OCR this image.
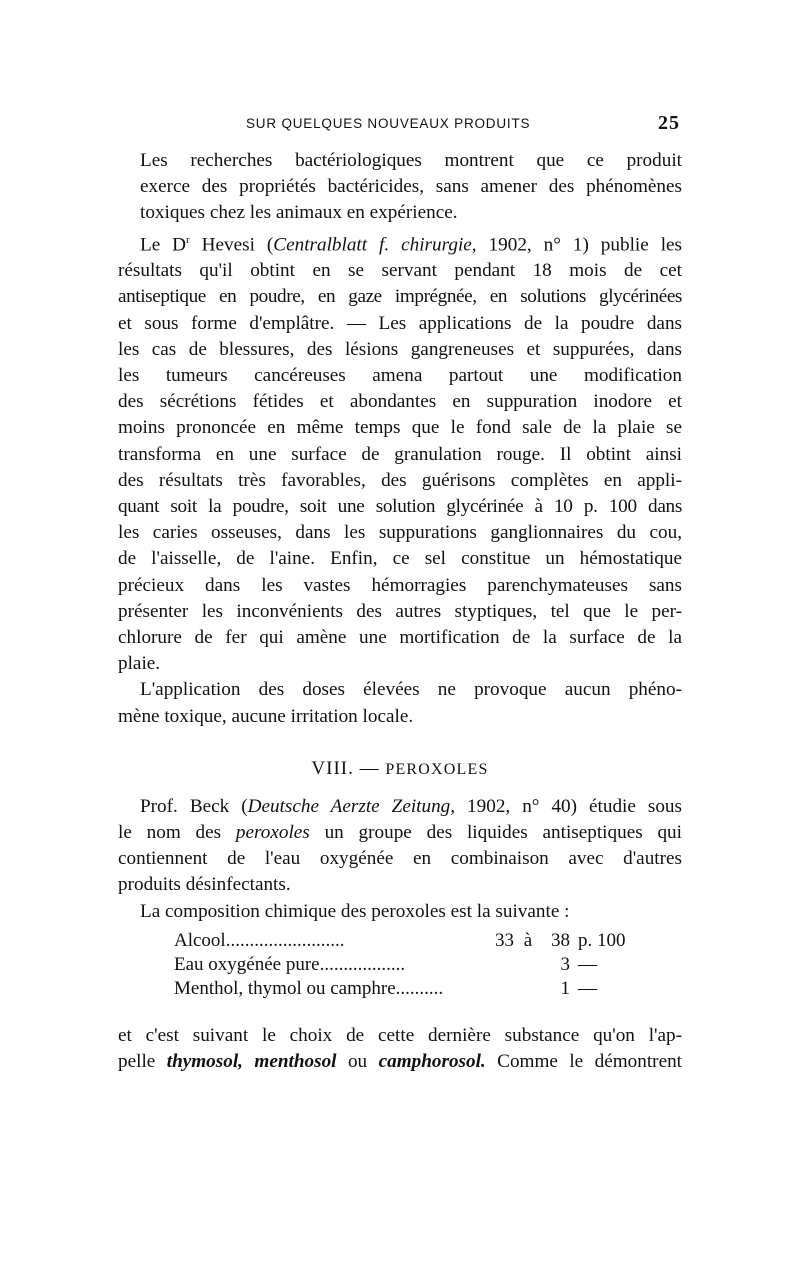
SUR QUELQUES NOUVEAUX PRODUITS	25

Les recherches bactériologiques montrent que ce produit
exerce des propriétés bactéricides, sans amener des phénomènes
toxiques chez les animaux en expérience.

Le $D^r$ Hevesi (Centralblatt f. chirurgie, 1902, n° 1) publie les
résultats qu'il obtint en se servant pendant 18 mois de cet
antiseptique en poudre, en gaze imprégnée, en solutions glycérinées
et sous forme d'emplâtre. — Les applications de la poudre dans
les cas de blessures, des lésions gangreneuses et suppurées, dans
les tumeurs cancéreuses amena partout une modification
des sécrétions fétides et abondantes en suppuration inodore et
moins prononcée en même temps que le fond sale de la plaie se
transforma en une surface de granulation rouge. Il obtint ainsi
des résultats très favorables, des guérisons complètes en appli-
quant soit la poudre, soit une solution glycérinée à 10 p. 100 dans
les caries osseuses, dans les suppurations ganglionnaires du cou,
de l'aisselle, de l'aine. Enfin, ce sel constitue un hémostatique
précieux dans les vastes hémorragies parenchymateuses sans
présenter les inconvénients des autres styptiques, tel que le per-
chlorure de fer qui amène une mortification de la surface de la
plaie.

L'application des doses élevées ne provoque aucun phéno-
mène toxique, aucune irritation locale.

VIII. — PEROXOLES

Prof. Beck (Deutsche Aerzte Zeitung, 1902, n° 40) étudie sous
le nom des peroxoles un groupe des liquides antiseptiques qui
contiennent de l'eau oxygénée en combinaison avec d'autres
produits désinfectants.

La composition chimique des peroxoles est la suivante :

Alcool.........................	33	à	38	p. 100
Eau oxygénée pure..................			3	—
Menthol, thymol ou camphre..........			1	—

et c'est suivant le choix de cette dernière substance qu'on l'ap-
pelle thymosol, menthosol ou camphorosol. Comme le démontrent
